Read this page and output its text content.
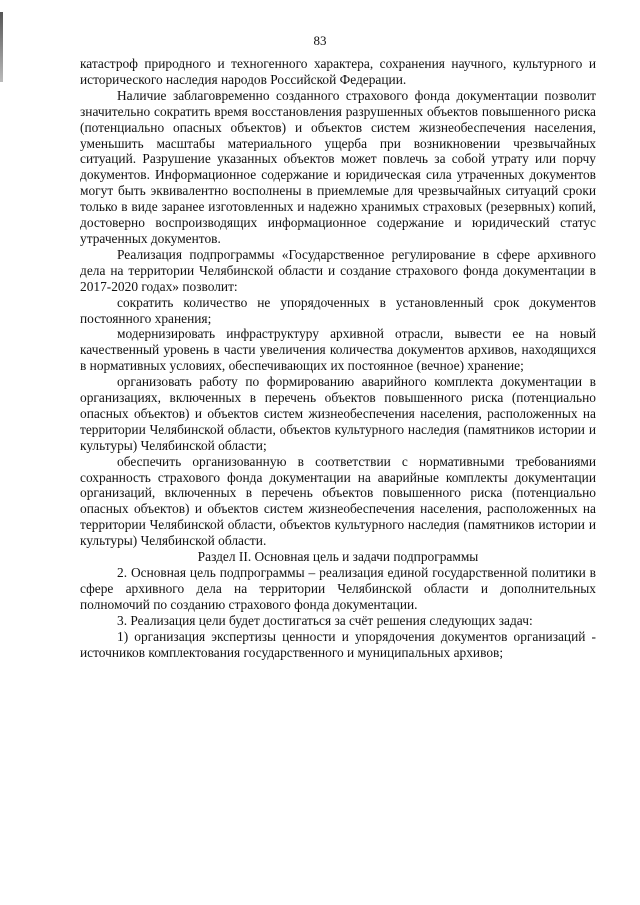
83

катастроф природного и техногенного характера, сохранения научного, культурного и исторического наследия народов Российской Федерации.

Наличие заблаговременно созданного страхового фонда документации позволит значительно сократить время восстановления разрушенных объектов повышенного риска (потенциально опасных объектов) и объектов систем жизнеобеспечения населения, уменьшить масштабы материального ущерба при возникновении чрезвычайных ситуаций. Разрушение указанных объектов может повлечь за собой утрату или порчу документов. Информационное содержание и юридическая сила утраченных документов могут быть эквивалентно восполнены в приемлемые для чрезвычайных ситуаций сроки только в виде заранее изготовленных и надежно хранимых страховых (резервных) копий, достоверно воспроизводящих информационное содержание и юридический статус утраченных документов.

Реализация подпрограммы «Государственное регулирование в сфере архивного дела на территории Челябинской области и создание страхового фонда документации в 2017-2020 годах» позволит:

сократить количество не упорядоченных в установленный срок документов постоянного хранения;

модернизировать инфраструктуру архивной отрасли, вывести ее на новый качественный уровень в части увеличения количества документов архивов, находящихся в нормативных условиях, обеспечивающих их постоянное (вечное) хранение;

организовать работу по формированию аварийного комплекта документации в организациях, включенных в перечень объектов повышенного риска (потенциально опасных объектов) и объектов систем жизнеобеспечения населения, расположенных на территории Челябинской области, объектов культурного наследия (памятников истории и культуры) Челябинской области;

обеспечить организованную в соответствии с нормативными требованиями сохранность страхового фонда документации на аварийные комплекты документации организаций, включенных в перечень объектов повышенного риска (потенциально опасных объектов) и объектов систем жизнеобеспечения населения, расположенных на территории Челябинской области, объектов культурного наследия (памятников истории и культуры) Челябинской области.

Раздел II. Основная цель и задачи подпрограммы

2. Основная цель подпрограммы – реализация единой государственной политики в сфере архивного дела на территории Челябинской области и дополнительных полномочий по созданию страхового фонда документации.

3. Реализация цели будет достигаться за счёт решения следующих задач:

1) организация экспертизы ценности и упорядочения документов организаций - источников комплектования государственного и муниципальных архивов;
